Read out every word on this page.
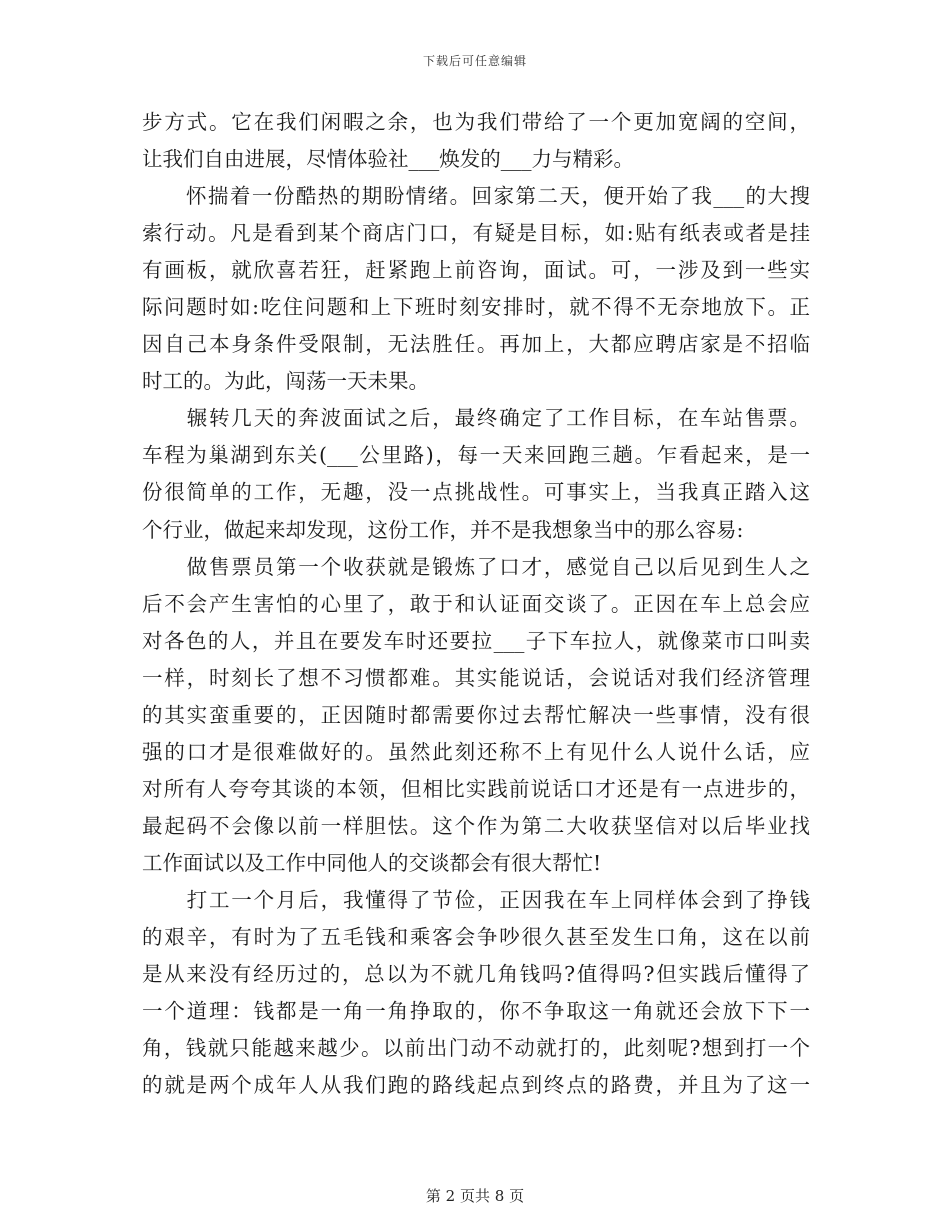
下载后可任意编辑
步方式。它在我们闲暇之余，也为我们带给了一个更加宽阔的空间，
让我们自由进展，尽情体验社___焕发的___力与精彩。
　　怀揣着一份酷热的期盼情绪。回家第二天，便开始了我___的大搜
索行动。凡是看到某个商店门口，有疑是目标，如:贴有纸表或者是挂
有画板，就欣喜若狂，赶紧跑上前咨询，面试。可，一涉及到一些实
际问题时如:吃住问题和上下班时刻安排时，就不得不无奈地放下。正
因自己本身条件受限制，无法胜任。再加上，大都应聘店家是不招临
时工的。为此，闯荡一天未果。
　　辗转几天的奔波面试之后，最终确定了工作目标，在车站售票。
车程为巢湖到东关(___公里路)，每一天来回跑三趟。乍看起来，是一
份很简单的工作，无趣，没一点挑战性。可事实上，当我真正踏入这
个行业，做起来却发现，这份工作，并不是我想象当中的那么容易:
　　做售票员第一个收获就是锻炼了口才，感觉自己以后见到生人之
后不会产生害怕的心里了，敢于和认证面交谈了。正因在车上总会应
对各色的人，并且在要发车时还要拉___子下车拉人，就像菜市口叫卖
一样，时刻长了想不习惯都难。其实能说话，会说话对我们经济管理
的其实蛮重要的，正因随时都需要你过去帮忙解决一些事情，没有很
强的口才是很难做好的。虽然此刻还称不上有见什么人说什么话，应
对所有人夸夸其谈的本领，但相比实践前说话口才还是有一点进步的，
最起码不会像以前一样胆怯。这个作为第二大收获坚信对以后毕业找
工作面试以及工作中同他人的交谈都会有很大帮忙!
　　打工一个月后，我懂得了节俭，正因我在车上同样体会到了挣钱
的艰辛，有时为了五毛钱和乘客会争吵很久甚至发生口角，这在以前
是从来没有经历过的，总以为不就几角钱吗?值得吗?但实践后懂得了
一个道理：钱都是一角一角挣取的，你不争取这一角就还会放下下一
角，钱就只能越来越少。以前出门动不动就打的，此刻呢?想到打一个
的就是两个成年人从我们跑的路线起点到终点的路费，并且为了这一
第 2 页共 8 页
